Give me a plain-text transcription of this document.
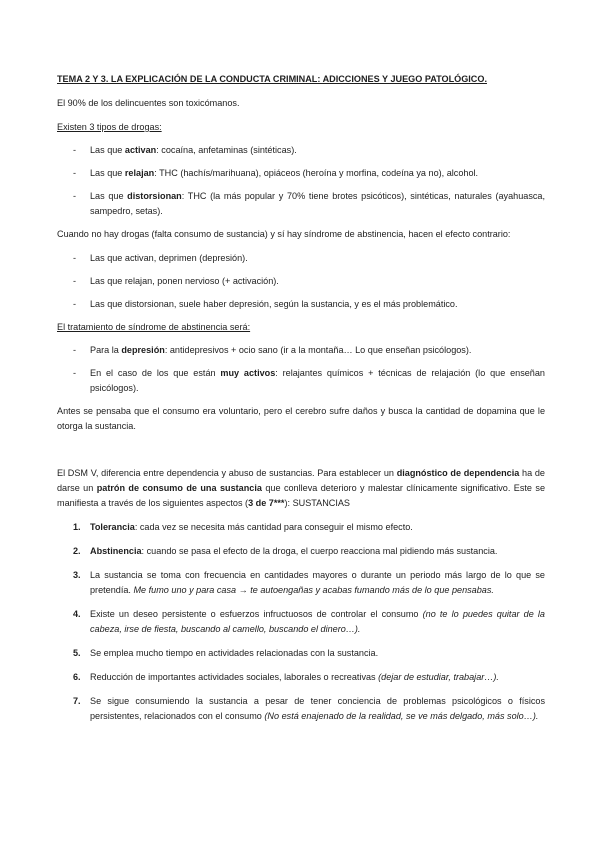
TEMA 2 Y 3. LA EXPLICACIÓN DE LA CONDUCTA CRIMINAL: ADICCIONES Y JUEGO PATOLÓGICO.

El 90% de los delincuentes son toxicómanos.

Existen 3 tipos de drogas:

- Las que activan: cocaína, anfetaminas (sintéticas).
- Las que relajan: THC (hachís/marihuana), opiáceos (heroína y morfina, codeína ya no), alcohol.
- Las que distorsionan: THC (la más popular y 70% tiene brotes psicóticos), sintéticas, naturales (ayahuasca, sampedro, setas).

Cuando no hay drogas (falta consumo de sustancia) y sí hay síndrome de abstinencia, hacen el efecto contrario:

- Las que activan, deprimen (depresión).
- Las que relajan, ponen nervioso (+ activación).
- Las que distorsionan, suele haber depresión, según la sustancia, y es el más problemático.

El tratamiento de síndrome de abstinencia será:

- Para la depresión: antidepresivos + ocio sano (ir a la montaña… Lo que enseñan psicólogos).
- En el caso de los que están muy activos: relajantes químicos + técnicas de relajación (lo que enseñan psicólogos).

Antes se pensaba que el consumo era voluntario, pero el cerebro sufre daños y busca la cantidad de dopamina que le otorga la sustancia.

El DSM V, diferencia entre dependencia y abuso de sustancias. Para establecer un diagnóstico de dependencia ha de darse un patrón de consumo de una sustancia que conlleva deterioro y malestar clínicamente significativo. Este se manifiesta a través de los siguientes aspectos (3 de 7***): SUSTANCIAS

1. Tolerancia: cada vez se necesita más cantidad para conseguir el mismo efecto.
2. Abstinencia: cuando se pasa el efecto de la droga, el cuerpo reacciona mal pidiendo más sustancia.
3. La sustancia se toma con frecuencia en cantidades mayores o durante un periodo más largo de lo que se pretendía. Me fumo uno y para casa → te autoengañas y acabas fumando más de lo que pensabas.
4. Existe un deseo persistente o esfuerzos infructuosos de controlar el consumo (no te lo puedes quitar de la cabeza, irse de fiesta, buscando al camello, buscando el dinero…).
5. Se emplea mucho tiempo en actividades relacionadas con la sustancia.
6. Reducción de importantes actividades sociales, laborales o recreativas (dejar de estudiar, trabajar…).
7. Se sigue consumiendo la sustancia a pesar de tener conciencia de problemas psicológicos o físicos persistentes, relacionados con el consumo (No está enajenado de la realidad, se ve más delgado, más solo…).
